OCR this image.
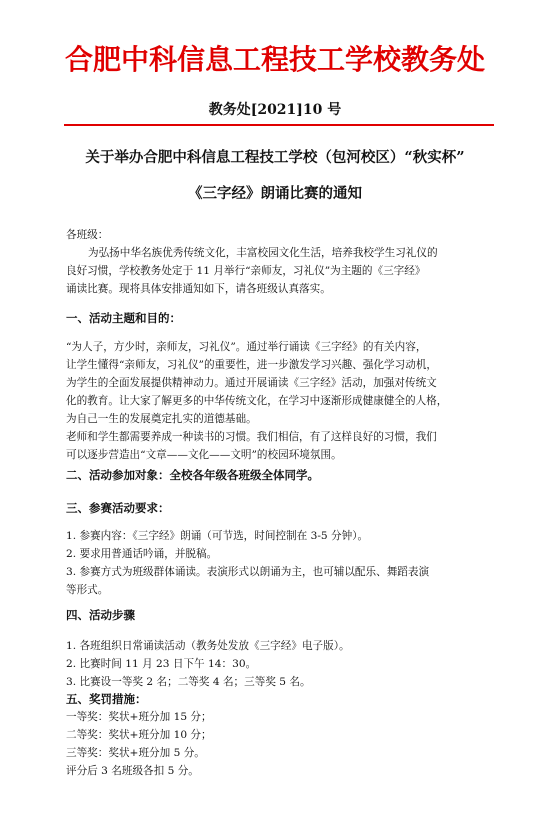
合肥中科信息工程技工学校教务处
教务处[2021]10 号
关于举办合肥中科信息工程技工学校（包河校区）“秋实杯”
《三字经》朗诵比赛的通知
各班级：
为弘扬中华名族优秀传统文化，丰富校园文化生活，培养我校学生习礼仪的
良好习惯，学校教务处定于 11 月举行“亲师友，习礼仪”为主题的《三字经》
诵读比赛。现将具体安排通知如下，请各班级认真落实。
一、活动主题和目的：
“为人子，方少时，亲师友，习礼仪”。通过举行诵读《三字经》的有关内容，
让学生懂得“亲师友，习礼仪”的重要性，进一步激发学习兴趣、强化学习动机，
为学生的全面发展提供精神动力。通过开展诵读《三字经》活动，加强对传统文
化的教育。让大家了解更多的中华传统文化，在学习中逐渐形成健康健全的人格，
为自己一生的发展奠定扎实的道德基础。
老师和学生都需要养成一种读书的习惯。我们相信，有了这样良好的习惯，我们
可以逐步营造出“文章——文化——文明”的校园环境氛围。
二、活动参加对象：全校各年级各班级全体同学。
三、参赛活动要求：
1. 参赛内容：《三字经》朗诵（可节选，时间控制在 3-5 分钟）。
2. 要求用普通话吟诵，并脱稿。
3. 参赛方式为班级群体诵读。表演形式以朗诵为主，也可辅以配乐、舞蹈表演
等形式。
四、活动步骤
1. 各班组织日常诵读活动（教务处发放《三字经》电子版）。
2. 比赛时间 11 月 23 日下午 14：30。
3. 比赛设一等奖 2 名；二等奖 4 名；三等奖 5 名。
五、奖罚措施：
一等奖：奖状+班分加 15 分；
二等奖：奖状+班分加 10 分；
三等奖：奖状+班分加 5 分。
评分后 3 名班级各扣 5 分。
